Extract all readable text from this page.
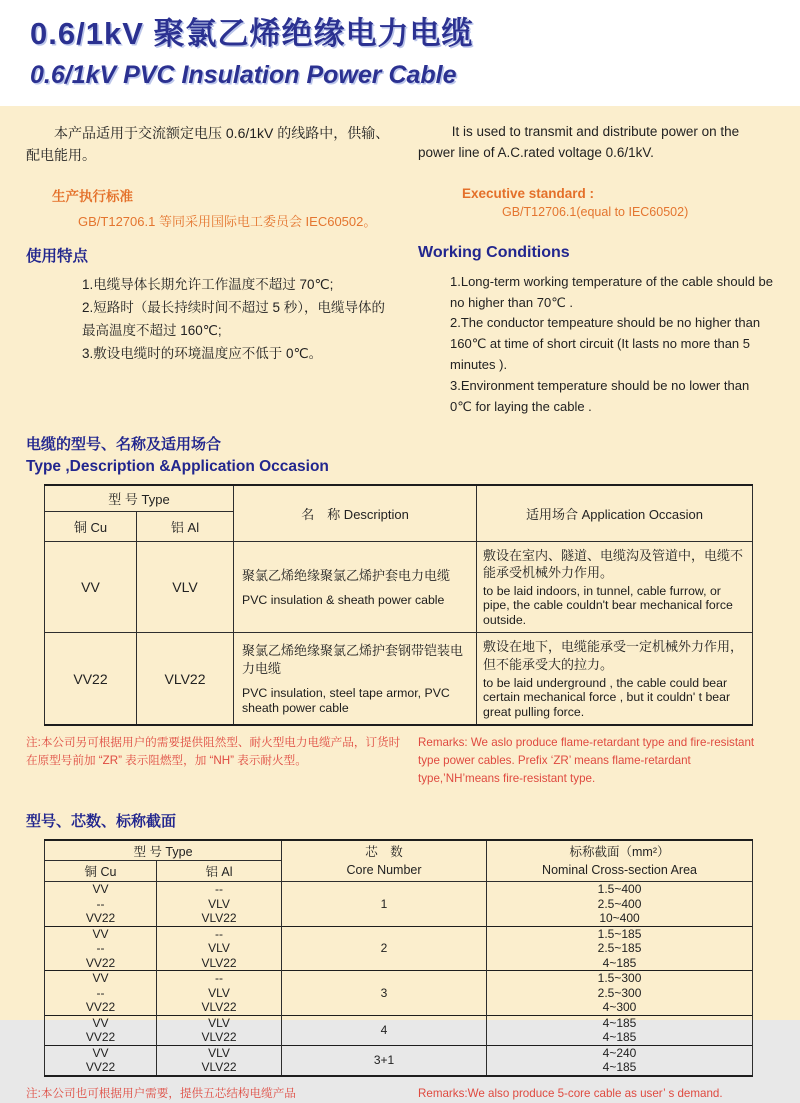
0.6/1kV 聚氯乙烯绝缘电力电缆
0.6/1kV PVC Insulation Power Cable

本产品适用于交流额定电压 0.6/1kV 的线路中，供输、配电能用。

生产执行标准
GB/T12706.1 等同采用国际电工委员会 IEC60502。

It is used to transmit and distribute power on the power line of A.C.rated voltage 0.6/1kV.

Executive standard :
GB/T12706.1(equal to IEC60502)
使用特点
1.电缆导体长期允许工作温度不超过 70℃;
2.短路时（最长持续时间不超过 5 秒），电缆导体的最高温度不超过 160℃;
3.敷设电缆时的环境温度应不低于 0℃。
Working Conditions
1.Long-term working temperature of the cable should be no higher than 70℃ .
2.The conductor tempeature should be no higher than 160℃ at time of short circuit (It lasts no more than 5 minutes ).
3.Environment temperature should be no lower than 0℃ for laying the cable .
电缆的型号、名称及适用场合
Type ,Description &Application Occasion
型 号 Type		名　称 Description	适用场合 Application Occasion
铜 Cu	铝 Al		
VV	VLV	
聚氯乙烯绝缘聚氯乙烯护套电力电缆
PVC insulation & sheath power cable

敷设在室内、隧道、电缆沟及管道中，电缆不能承受机械外力作用。
to be laid indoors, in tunnel, cable furrow, or pipe, the cable couldn't bear mechanical force outside.

VV22	VLV22	
聚氯乙烯绝缘聚氯乙烯护套钢带铠装电力电缆
PVC insulation, steel tape armor, PVC sheath power cable

敷设在地下，电缆能承受一定机械外力作用，但不能承受大的拉力。
to be laid underground , the cable could bear certain mechanical force , but it couldn' t bear great pulling force.
注:本公司另可根据用户的需要提供阻然型、耐火型电力电缆产品，订货时在原型号前加 “ZR” 表示阻燃型，加 “NH” 表示耐火型。
Remarks: We aslo produce flame-retardant type and fire-resistant type power cables. Prefix ‘ZR’ means flame-retardant type,’NH’means fire-resistant type.
型号、芯数、标称截面
型 号 Type	芯　数
Core Number

标称截面（mm²）
Nominal Cross-section Area

铜 Cu	铝 Al		
VV	--	1	1.5~400
--	VLV		2.5~400
VV22	VLV22		10~400
VV	--	2	1.5~185
--	VLV		2.5~185
VV22	VLV22		4~185
VV	--	3	1.5~300
--	VLV		2.5~300
VV22	VLV22		4~300
VV	VLV	4	4~185
VV22	VLV22		4~185
VV	VLV	3+1	4~240
VV22	VLV22		4~185
注:本公司也可根据用户需要，提供五芯结构电缆产品	Remarks:We also produce 5-core cable as user’ s demand.
